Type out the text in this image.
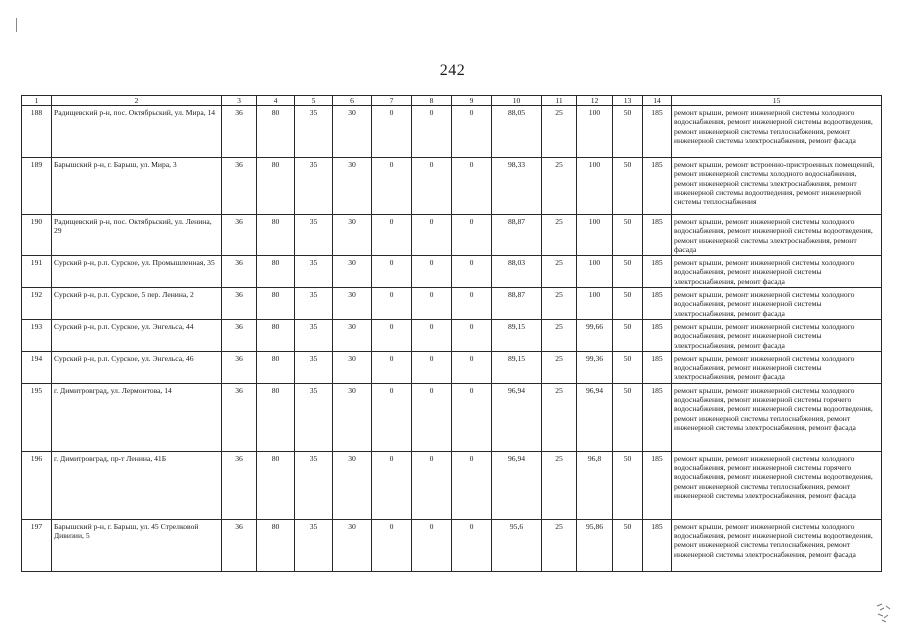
242
1	2	3	4	5	6	7	8	9	10	11	12	13	14	15
188	Радищевский р-н, пос. Октябрьский, ул. Мира, 14	36	80	35	30	0	0	0	88,05	25	100	50	185	ремонт крыши, ремонт инженерной системы холодного водоснабжения, ремонт инженерной системы водоотведения, ремонт инженерной системы теплоснабжения, ремонт инженерной системы электроснабжения, ремонт фасада
189	Барышский р-н, г. Барыш, ул. Мира, 3	36	80	35	30	0	0	0	98,33	25	100	50	185	ремонт крыши, ремонт встроенно-пристроенных помещений, ремонт инженерной системы холодного водоснабжения, ремонт инженерной системы электроснабжения, ремонт инженерной системы водоотведения, ремонт инженерной системы теплоснабжения
190	Радищевский р-н, пос. Октябрьский, ул. Ленина, 29	36	80	35	30	0	0	0	88,87	25	100	50	185	ремонт крыши, ремонт инженерной системы холодного водоснабжения, ремонт инженерной системы водоотведения, ремонт инженерной системы электроснабжения, ремонт фасада
191	Сурский р-н, р.п. Сурское, ул. Промышленная, 35	36	80	35	30	0	0	0	88,03	25	100	50	185	ремонт крыши, ремонт инженерной системы холодного водоснабжения, ремонт инженерной системы электроснабжения, ремонт фасада
192	Сурский р-н, р.п. Сурское, 5 пер. Ленина, 2	36	80	35	30	0	0	0	88,87	25	100	50	185	ремонт крыши, ремонт инженерной системы холодного водоснабжения, ремонт инженерной системы электроснабжения, ремонт фасада
193	Сурский р-н, р.п. Сурское, ул. Энгельса, 44	36	80	35	30	0	0	0	89,15	25	99,66	50	185	ремонт крыши, ремонт инженерной системы холодного водоснабжения, ремонт инженерной системы электроснабжения, ремонт фасада
194	Сурский р-н, р.п. Сурское, ул. Энгельса, 46	36	80	35	30	0	0	0	89,15	25	99,36	50	185	ремонт крыши, ремонт инженерной системы холодного водоснабжения, ремонт инженерной системы электроснабжения, ремонт фасада
195	г. Димитровград, ул. Лермонтова, 14	36	80	35	30	0	0	0	96,94	25	96,94	50	185	ремонт крыши, ремонт инженерной системы холодного водоснабжения, ремонт инженерной системы горячего водоснабжения, ремонт инженерной системы водоотведения, ремонт инженерной системы теплоснабжения, ремонт инженерной системы электроснабжения, ремонт фасада
196	г. Димитровград, пр-т Ленина, 41Б	36	80	35	30	0	0	0	96,94	25	96,8	50	185	ремонт крыши, ремонт инженерной системы холодного водоснабжения, ремонт инженерной системы горячего водоснабжения, ремонт инженерной системы водоотведения, ремонт инженерной системы теплоснабжения, ремонт инженерной системы электроснабжения, ремонт фасада
197	Барышский р-н, г. Барыш, ул. 45 Стрелковой Дивизии, 5	36	80	35	30	0	0	0	95,6	25	95,86	50	185	ремонт крыши, ремонт инженерной системы холодного водоснабжения, ремонт инженерной системы водоотведения, ремонт инженерной системы теплоснабжения, ремонт инженерной системы электроснабжения, ремонт фасада
